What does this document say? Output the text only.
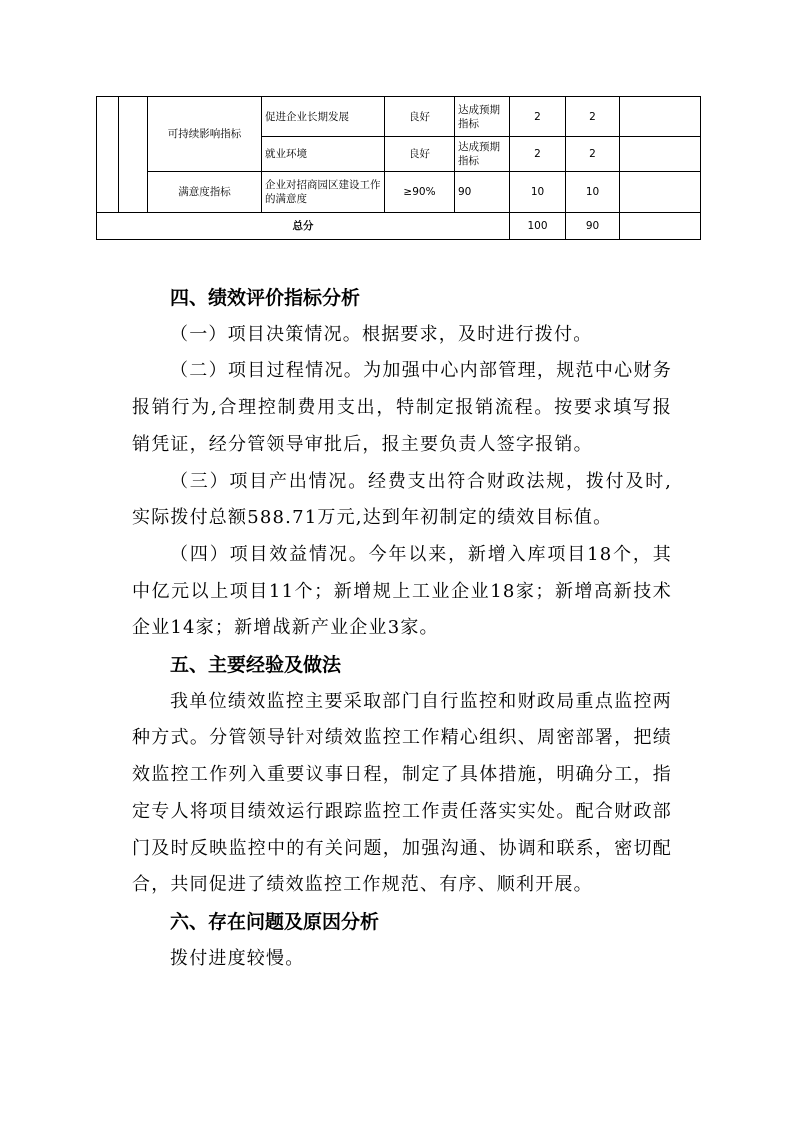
		可持续影响指标	促进企业长期发展	良好	达成预期指标	2	2	
			就业环境	良好	达成预期指标	2	2	
		满意度指标	企业对招商园区建设工作的满意度	≥90%	90	10	10	
总分						100	90	

四、绩效评价指标分析

（一）项目决策情况。根据要求，及时进行拨付。

（二）项目过程情况。为加强中心内部管理，规范中心财务报销行为,合理控制费用支出，特制定报销流程。按要求填写报销凭证，经分管领导审批后，报主要负责人签字报销。

（三）项目产出情况。经费支出符合财政法规，拨付及时,实际拨付总额588.71万元,达到年初制定的绩效目标值。

（四）项目效益情况。今年以来，新增入库项目18个，其中亿元以上项目11个；新增规上工业企业18家；新增高新技术企业14家；新增战新产业企业3家。

五、主要经验及做法

我单位绩效监控主要采取部门自行监控和财政局重点监控两种方式。分管领导针对绩效监控工作精心组织、周密部署，把绩效监控工作列入重要议事日程，制定了具体措施，明确分工，指定专人将项目绩效运行跟踪监控工作责任落实实处。配合财政部门及时反映监控中的有关问题，加强沟通、协调和联系，密切配合，共同促进了绩效监控工作规范、有序、顺利开展。

六、存在问题及原因分析

拨付进度较慢。
